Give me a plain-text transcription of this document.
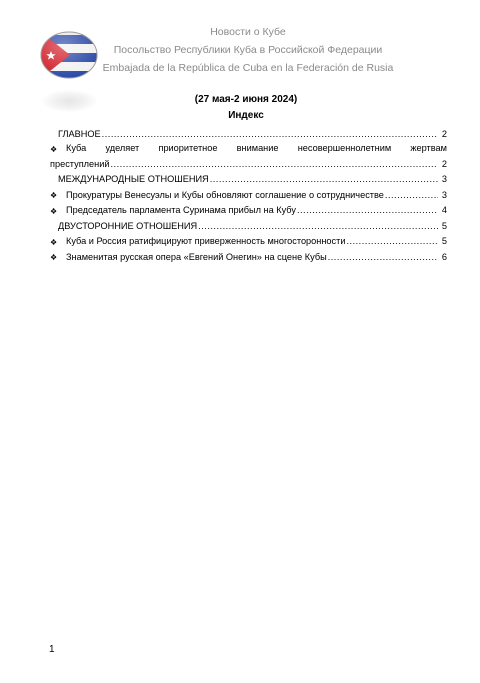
Новости о Кубе
Посольство Республики Куба в Российской Федерации
Embajada de la República de Cuba en la Federación de Rusia
(27 мая-2 июня 2024)
Индекс
ГЛАВНОЕ .....	2
❖ Куба уделяет приоритетное внимание несовершеннолетним жертвам
преступлений .....	2
МЕЖДУНАРОДНЫЕ ОТНОШЕНИЯ .....	3
❖ Прокуратуры Венесуэлы и Кубы обновляют соглашение о сотрудничестве .....	3
❖ Председатель парламента Суринама прибыл на Кубу .....	4
ДВУСТОРОННИЕ ОТНОШЕНИЯ .....	5
❖ Куба и Россия ратифицируют приверженность многосторонности .....	5
❖ Знаменитая русская опера «Евгений Онегин» на сцене Кубы .....	6
1
